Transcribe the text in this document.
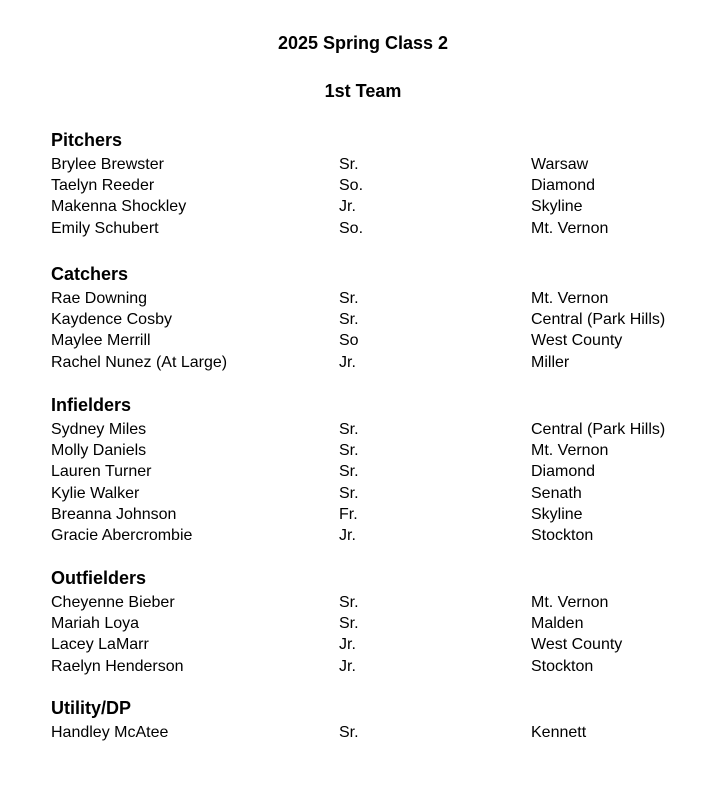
2025 Spring Class 2
1st Team
Pitchers
Brylee Brewster	Sr.	Warsaw
Taelyn Reeder	So.	Diamond
Makenna Shockley	Jr.	Skyline
Emily Schubert	So.	Mt. Vernon
Catchers
Rae Downing	Sr.	Mt. Vernon
Kaydence Cosby	Sr.	Central (Park Hills)
Maylee Merrill	So	West County
Rachel Nunez (At Large)	Jr.	Miller
Infielders
Sydney Miles	Sr.	Central (Park Hills)
Molly Daniels	Sr.	Mt. Vernon
Lauren Turner	Sr.	Diamond
Kylie Walker	Sr.	Senath
Breanna Johnson	Fr.	Skyline
Gracie Abercrombie	Jr.	Stockton
Outfielders
Cheyenne Bieber	Sr.	Mt. Vernon
Mariah Loya	Sr.	Malden
Lacey LaMarr	Jr.	West County
Raelyn Henderson	Jr.	Stockton
Utility/DP
Handley McAtee	Sr.	Kennett
